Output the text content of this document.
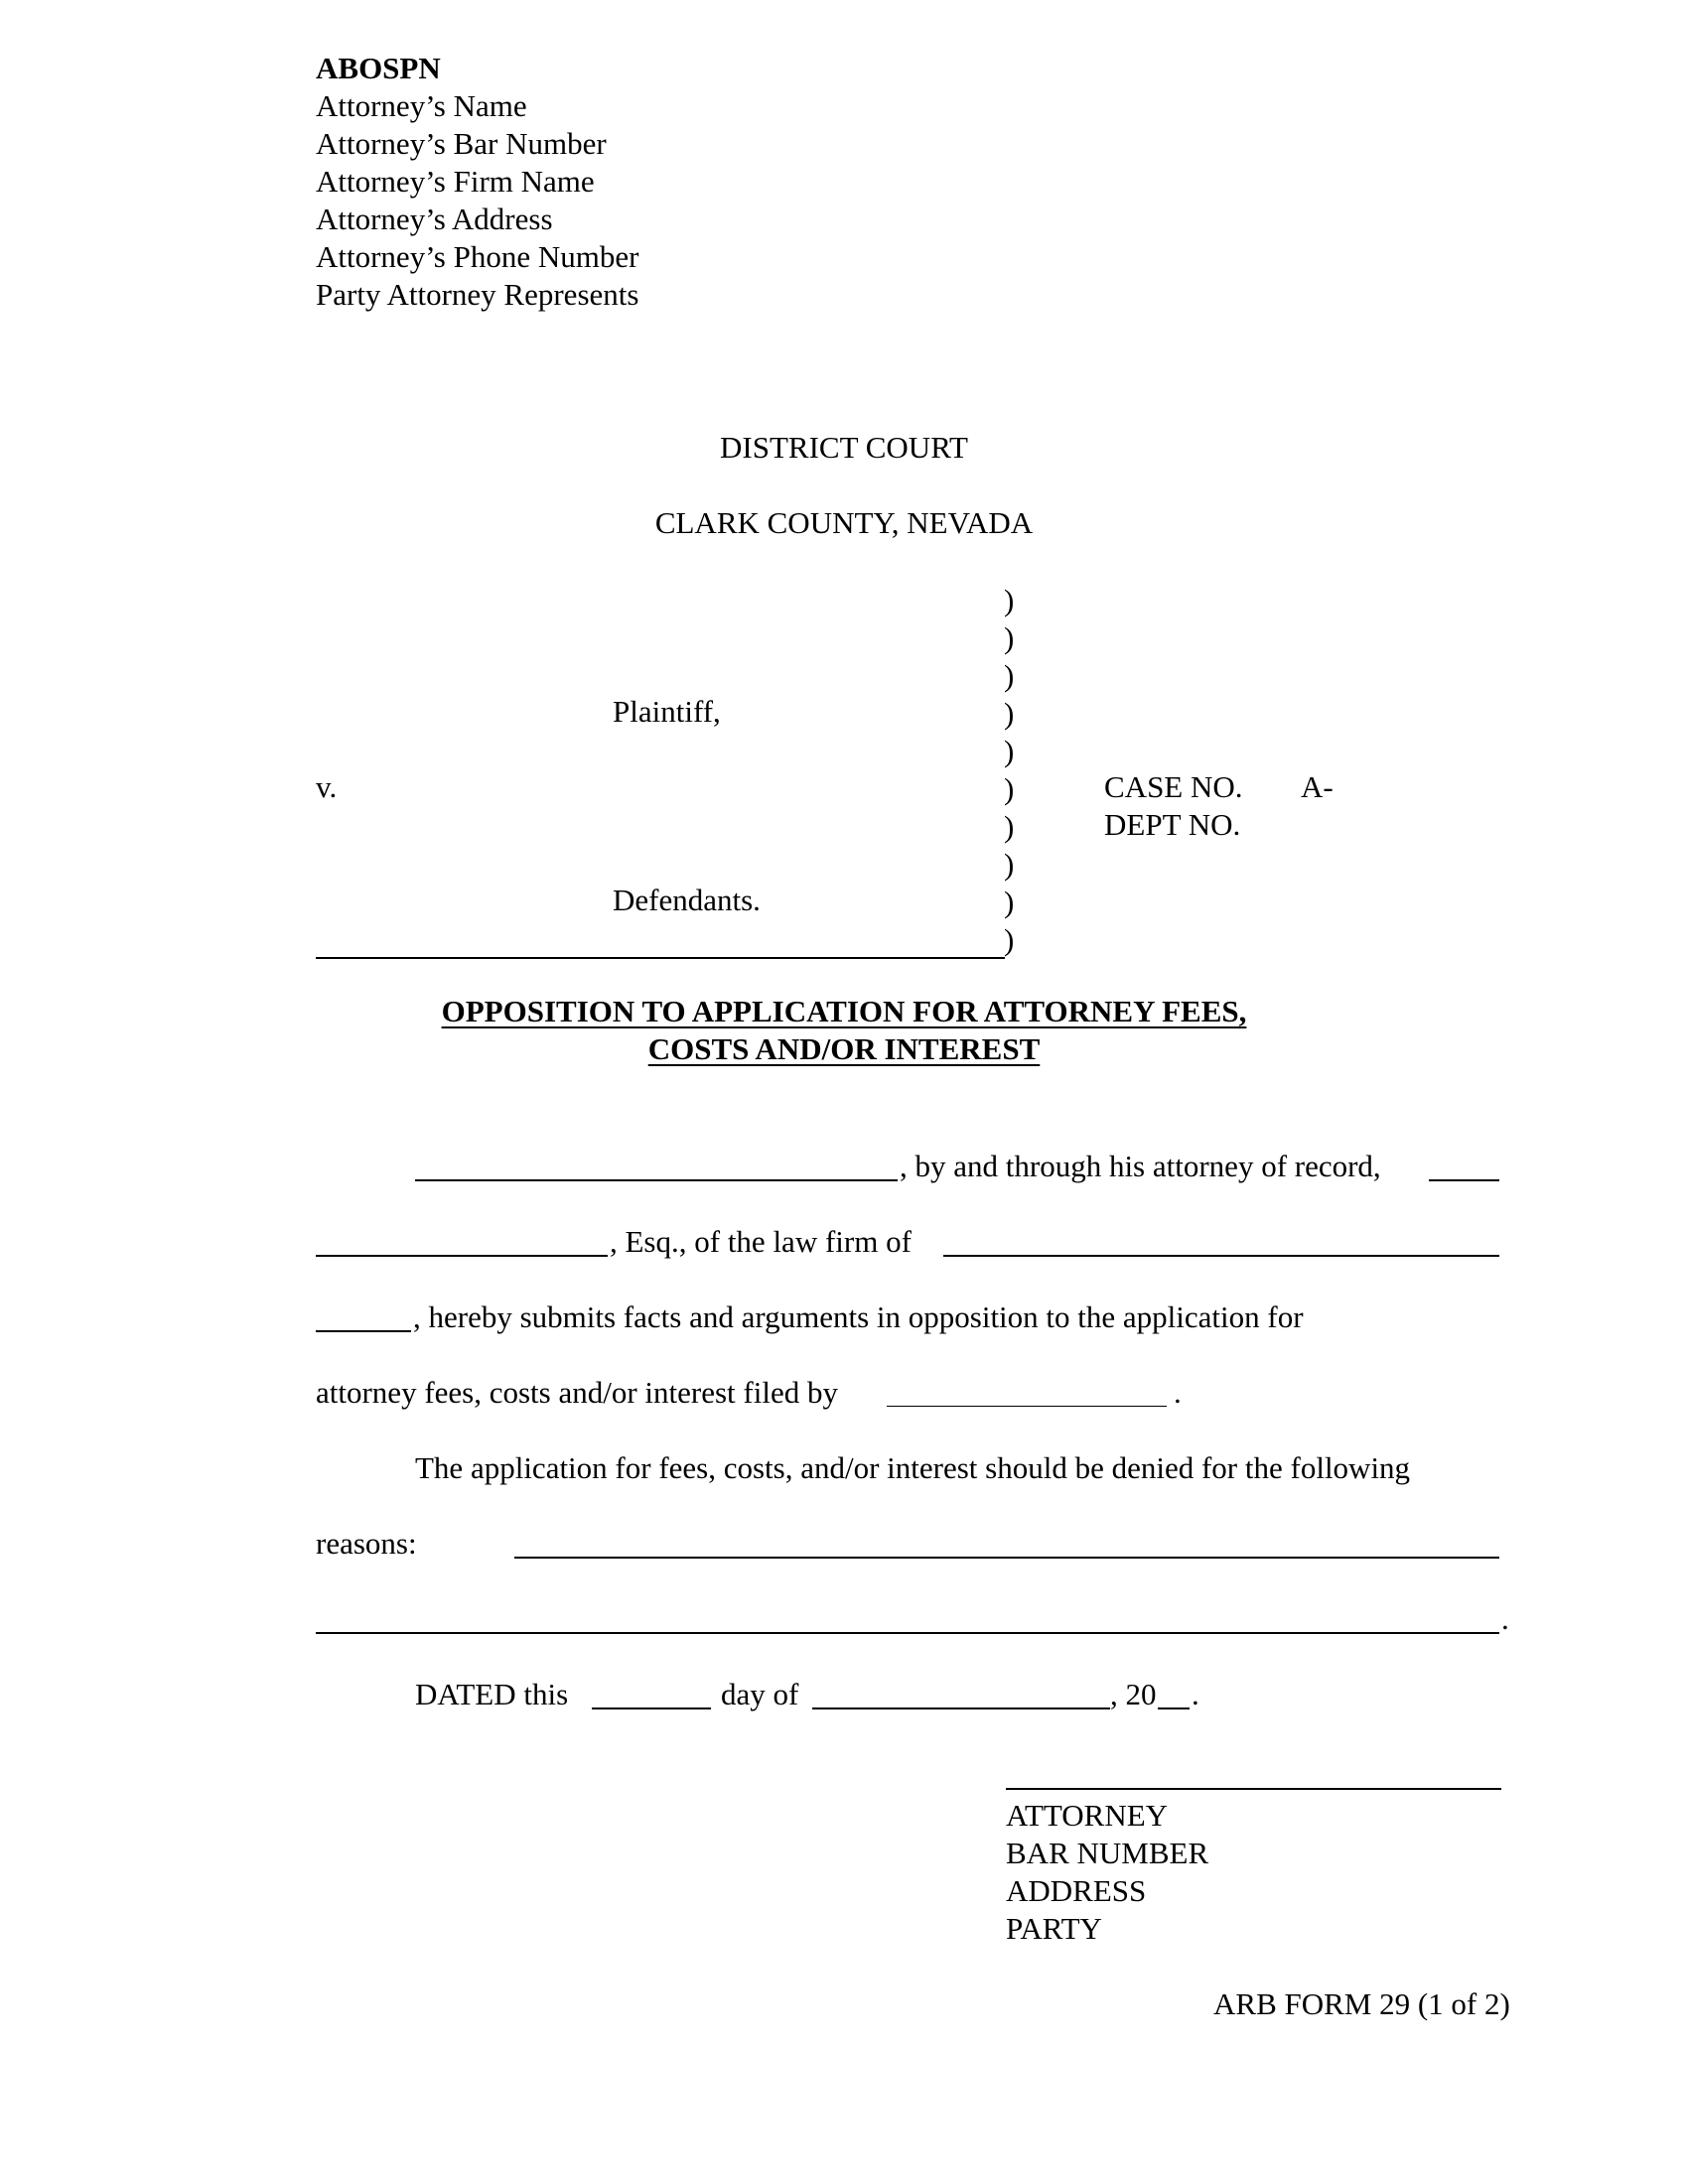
ABOSPN
Attorney’s Name
Attorney’s Bar Number
Attorney’s Firm Name
Attorney’s Address
Attorney’s Phone Number
Party Attorney Represents
DISTRICT COURT
CLARK COUNTY, NEVADA
Plaintiff,
v.
Defendants.
)
)
)
)
)
)
)
)
)
)
CASE NO. A-
DEPT NO.
OPPOSITION TO APPLICATION FOR ATTORNEY FEES,
COSTS AND/OR INTEREST
, by and through his attorney of record,
, Esq., of the law firm of
, hereby submits facts and arguments in opposition to the application for
attorney fees, costs and/or interest filed by	.
The application for fees, costs, and/or interest should be denied for the following
reasons:
.
DATED this	day of	, 20 .
ATTORNEY
BAR NUMBER
ADDRESS
PARTY
ARB FORM 29 (1 of 2)
